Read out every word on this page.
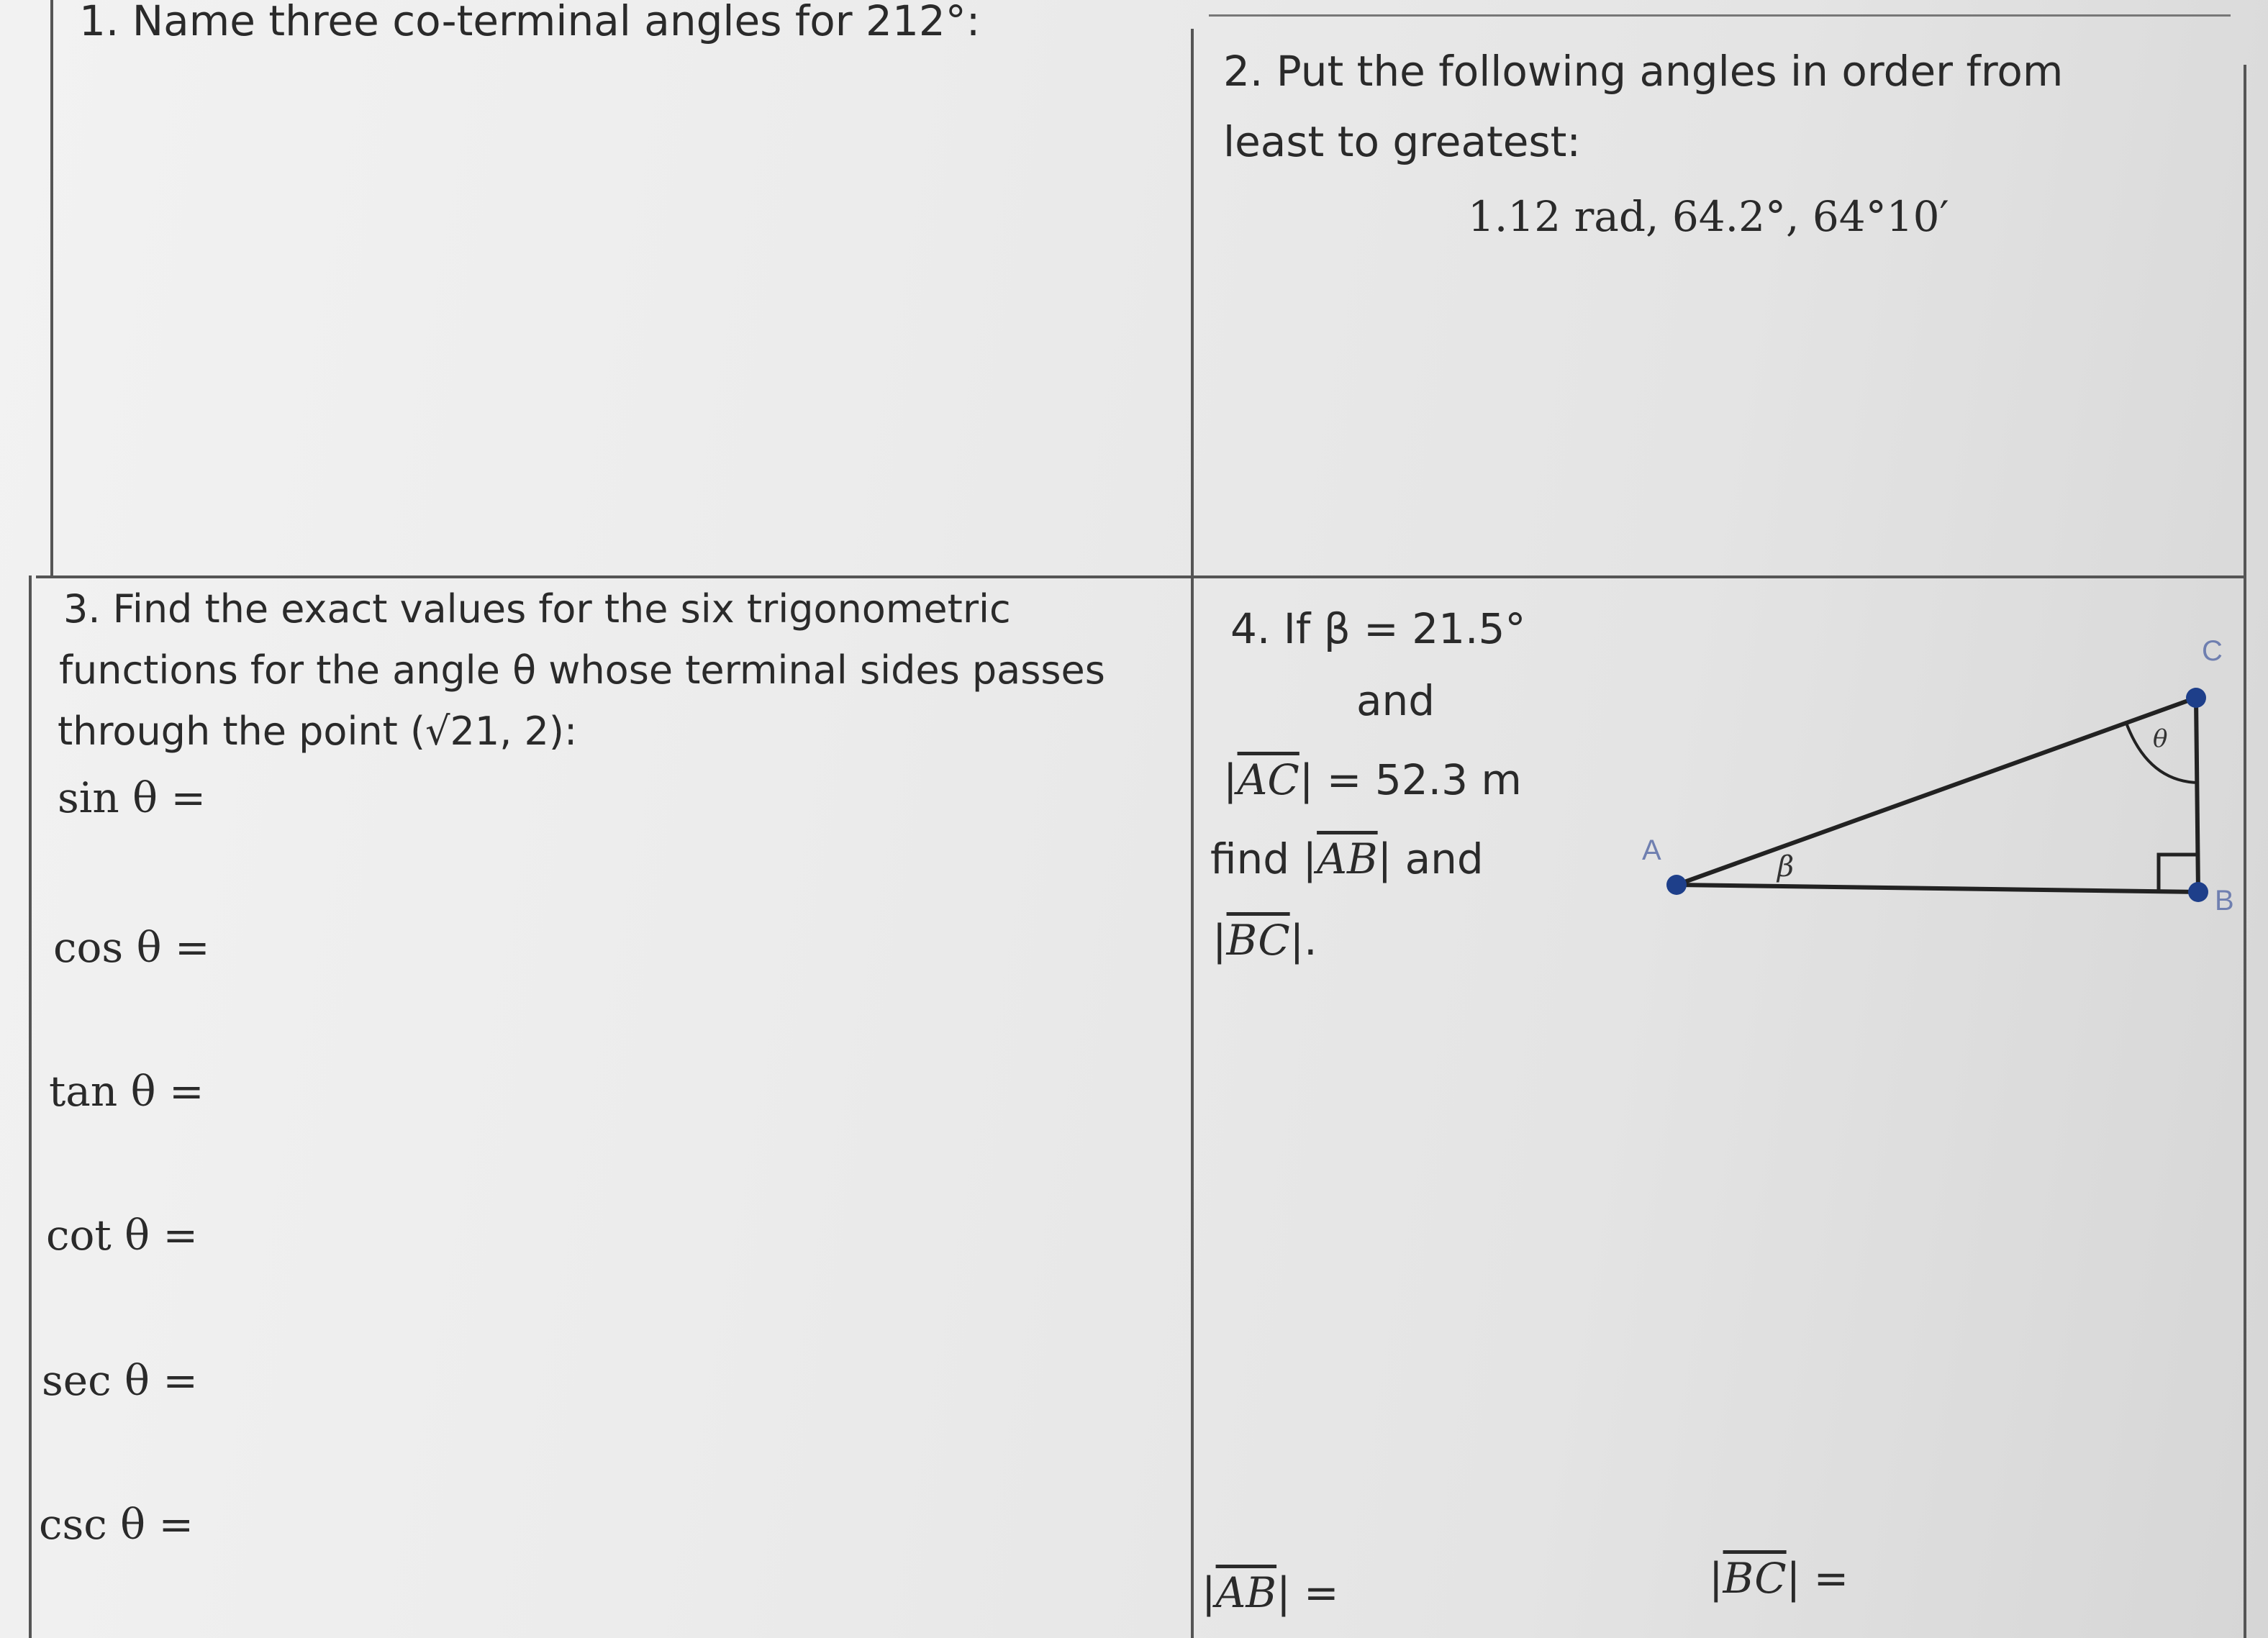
1. Name three co-terminal angles for 212°:
2. Put the following angles in order from
least to greatest:
1.12 rad, 64.2°, 64°10′
3. Find the exact values for the six trigonometric
functions for the angle θ whose terminal sides passes
through the point (√21, 2):
sin θ =
cos θ =
tan θ =
cot θ =
sec θ =
csc θ =
4. If β = 21.5°
and
$|\overline{AC}| = 52.3$ m
find $|\overline{AB}|$ and
$|\overline{BC}|$.
A
B
C
β
θ
$|\overline{AB}|$ =	$|\overline{BC}|$ =
